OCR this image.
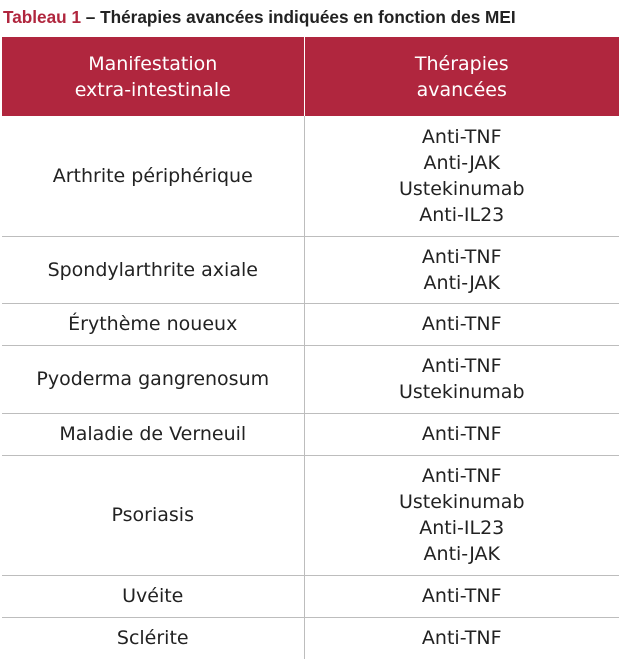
Tableau 1 – Thérapies avancées indiquées en fonction des MEI
Manifestation
extra-intestinale	Thérapies
avancées

Arthrite périphérique	Anti-TNF
Anti-JAK
Ustekinumab
Anti-IL23

Spondylarthrite axiale	Anti-TNF
Anti-JAK

Érythème noueux	Anti-TNF

Pyoderma gangrenosum	Anti-TNF
Ustekinumab

Maladie de Verneuil	Anti-TNF

Psoriasis	Anti-TNF
Ustekinumab
Anti-IL23
Anti-JAK

Uvéite	Anti-TNF

Sclérite	Anti-TNF
